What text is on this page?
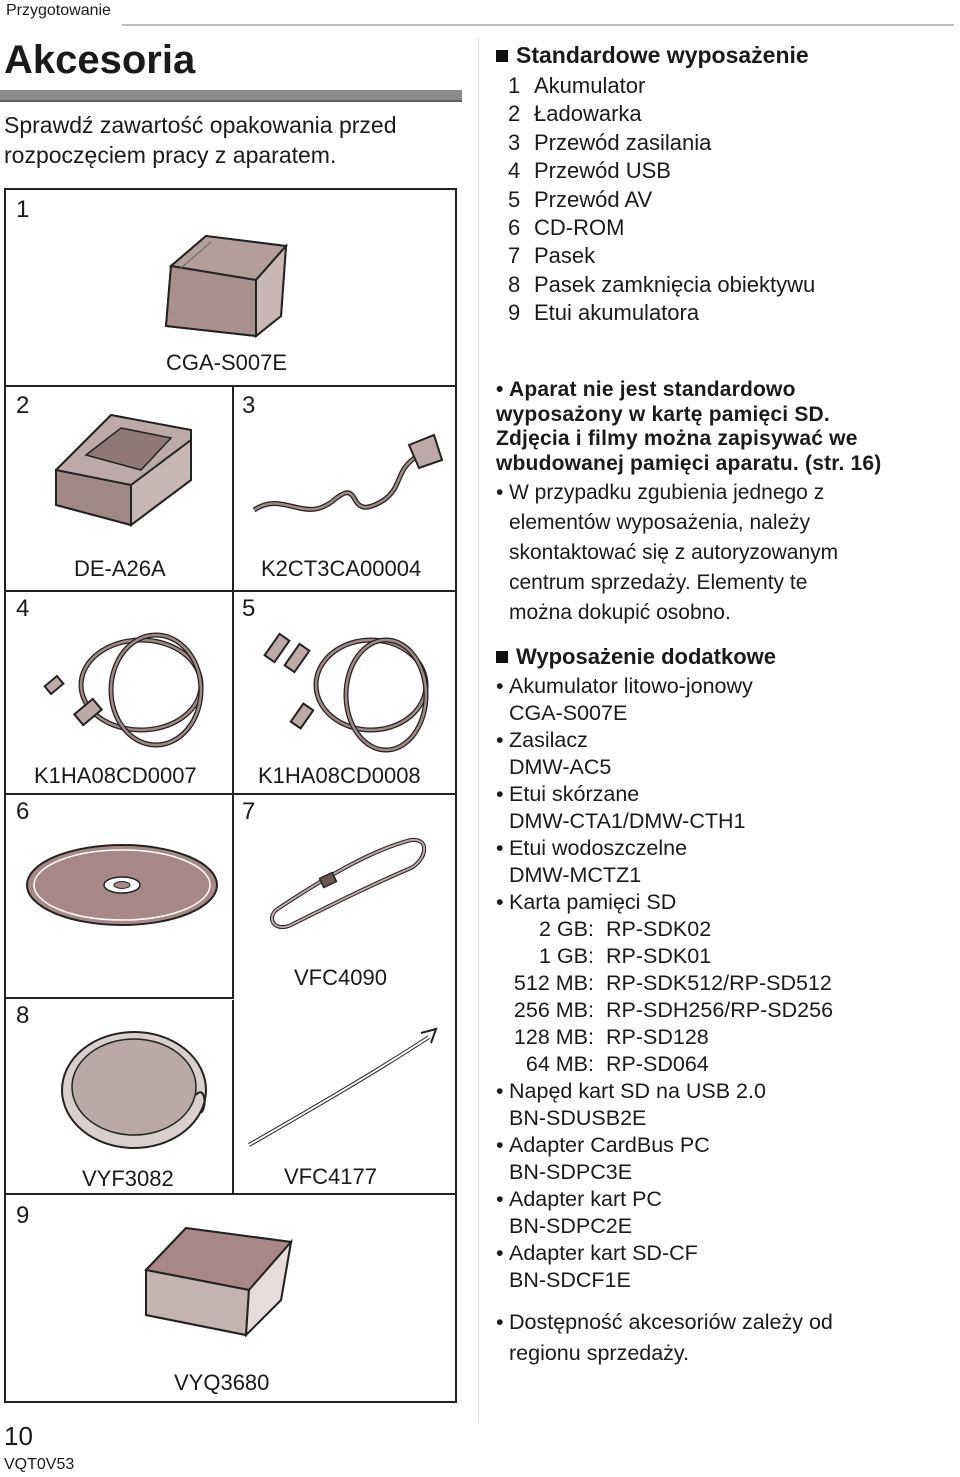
Przygotowanie
Akcesoria
Sprawdź zawartość opakowania przed
rozpoczęciem pracy z aparatem.
1
CGA-S007E
2
DE-A26A
3
K2CT3CA00004
4
K1HA08CD0007
5
K1HA08CD0008
6	7
VFC4090
8
VYF3082	VFC4177
9
VYQ3680
Standardowe wyposażenie
1 Akumulator
2 Ładowarka
3 Przewód zasilania
4 Przewód USB
5 Przewód AV
6 CD-ROM
7 Pasek
8 Pasek zamknięcia obiektywu
9 Etui akumulatora
• Aparat nie jest standardowo
wyposażony w kartę pamięci SD.
Zdjęcia i filmy można zapisywać we
wbudowanej pamięci aparatu. (str. 16)
• W przypadku zgubienia jednego z
elementów wyposażenia, należy
skontaktować się z autoryzowanym
centrum sprzedaży. Elementy te
można dokupić osobno.
Wyposażenie dodatkowe
• Akumulator litowo-jonowy
CGA-S007E
• Zasilacz
DMW-AC5
• Etui skórzane
DMW-CTA1/DMW-CTH1
• Etui wodoszczelne
DMW-MCTZ1
• Karta pamięci SD
2 GB: RP-SDK02
1 GB: RP-SDK01
512 MB: RP-SDK512/RP-SD512
256 MB: RP-SDH256/RP-SD256
128 MB: RP-SD128
64 MB: RP-SD064
• Napęd kart SD na USB 2.0
BN-SDUSB2E
• Adapter CardBus PC
BN-SDPC3E
• Adapter kart PC
BN-SDPC2E
• Adapter kart SD-CF
BN-SDCF1E
• Dostępność akcesoriów zależy od
regionu sprzedaży.
10
VQT0V53
